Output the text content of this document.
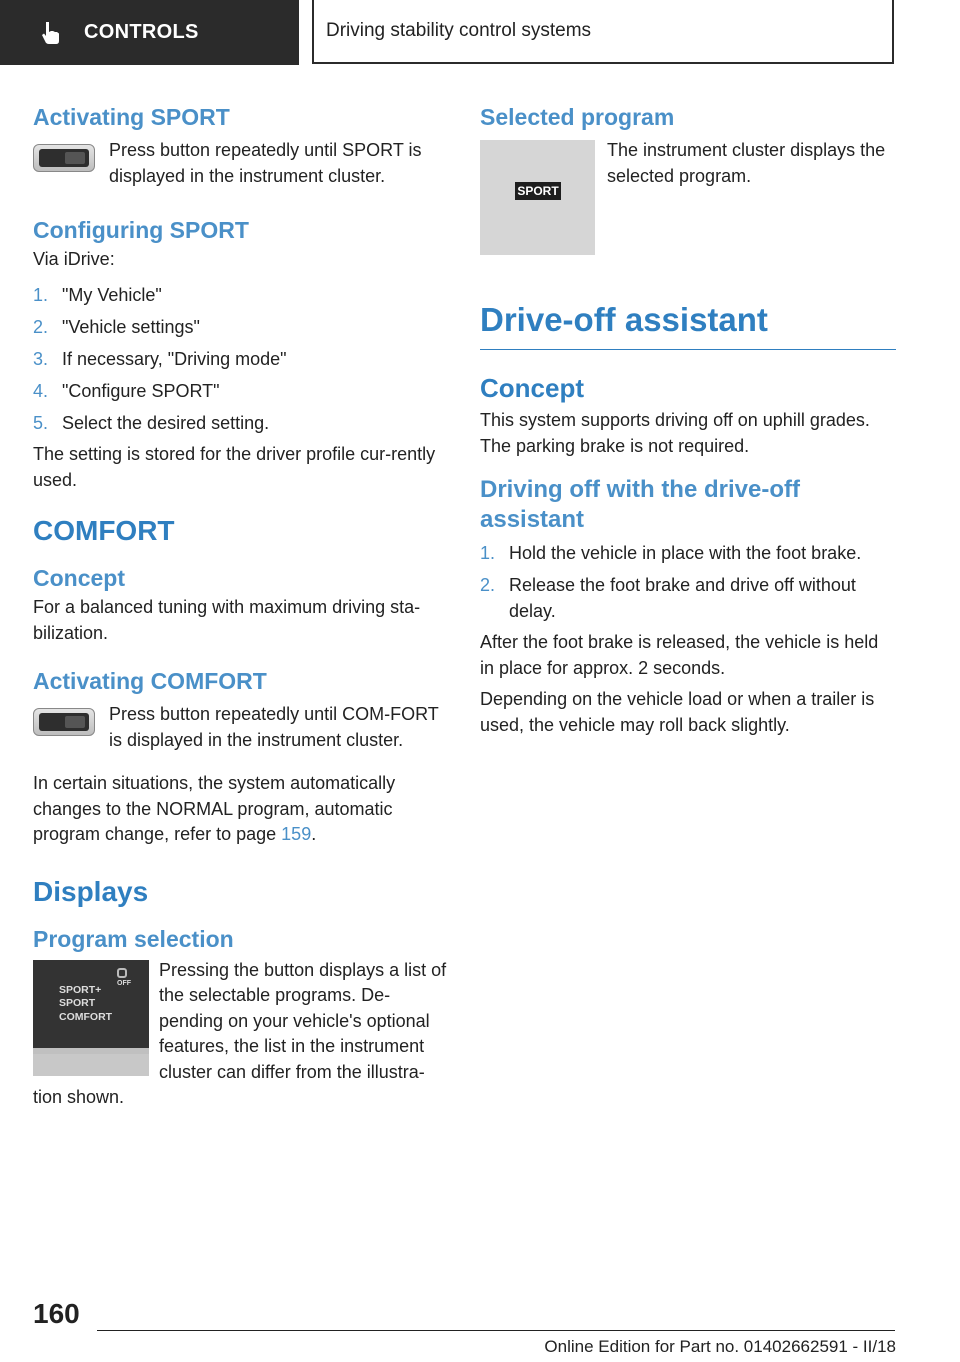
CONTROLS	Driving stability control systems
Activating SPORT

Press button repeatedly until SPORT is displayed in the instrument cluster.

Configuring SPORT

Via iDrive:

1. "My Vehicle"
2. "Vehicle settings"
3. If necessary, "Driving mode"
4. "Configure SPORT"
5. Select the desired setting.

The setting is stored for the driver profile cur-rently used.

COMFORT
Concept

For a balanced tuning with maximum driving sta-bilization.

Activating COMFORT

Press button repeatedly until COM-FORT is displayed in the instrument cluster.

In certain situations, the system automatically changes to the NORMAL program, automatic program change, refer to page 159.

Displays
Program selection
SPORT+
SPORT
COMFORT
OFF

Pressing the button displays a list of the selectable programs. De-pending on your vehicle's optional features, the list in the instrument cluster can differ from the illustra-tion shown.

Selected program
SPORT

The instrument cluster displays the selected program.

Drive-off assistant
Concept

This system supports driving off on uphill grades. The parking brake is not required.

Driving off with the drive-off assistant
1. Hold the vehicle in place with the foot brake.
2. Release the foot brake and drive off without delay.

After the foot brake is released, the vehicle is held in place for approx. 2 seconds.

Depending on the vehicle load or when a trailer is used, the vehicle may roll back slightly.

160
Online Edition for Part no. 01402662591 - II/18
